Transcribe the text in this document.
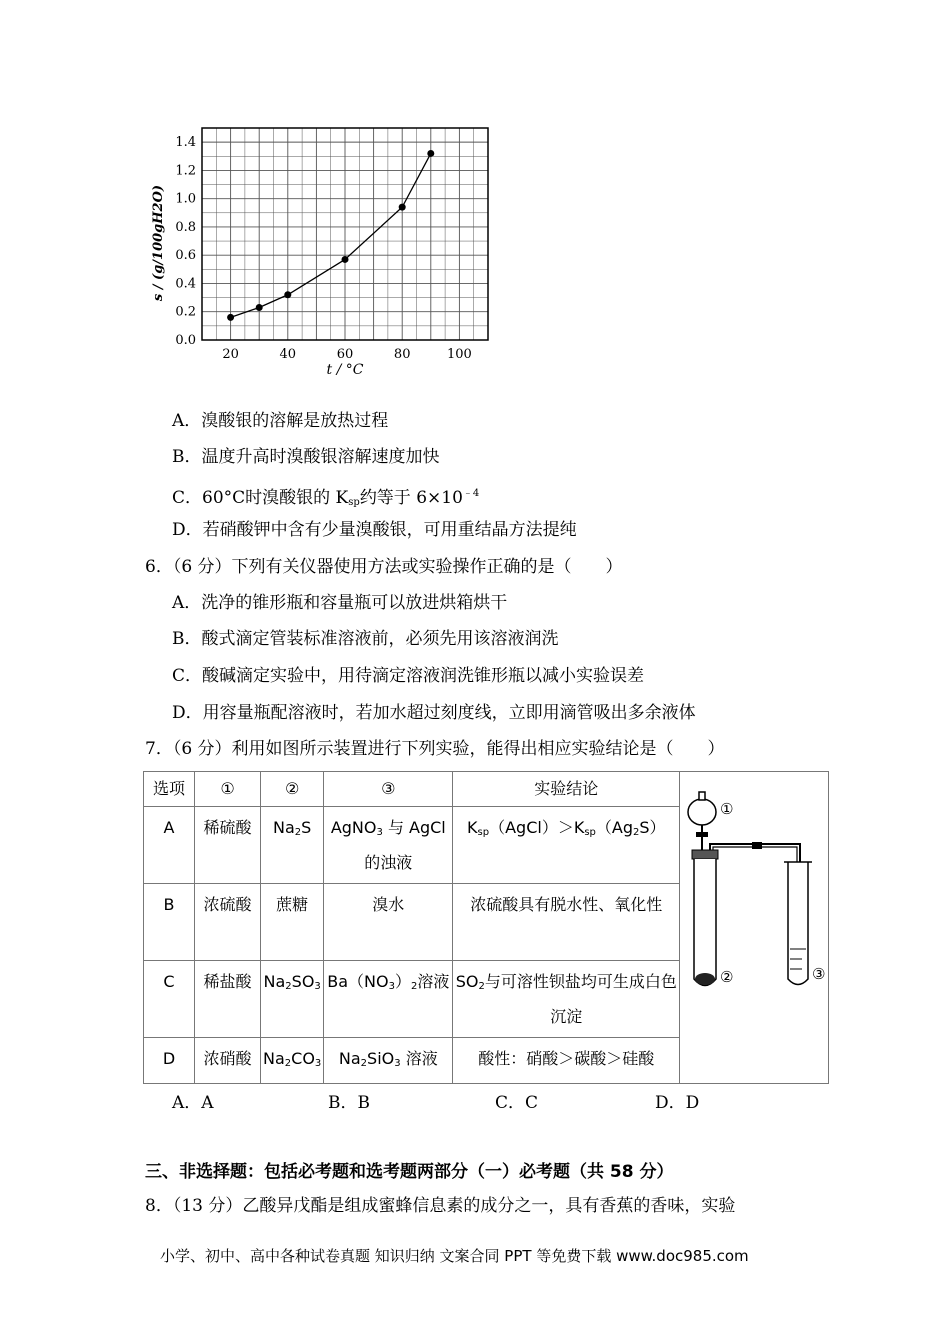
20	40	60	80	100
0.0
0.2
0.4
0.6
0.8
1.0
1.2
1.4
t / °C
s / (g/100gH2O)
A．溴酸银的溶解是放热过程
B．温度升高时溴酸银溶解速度加快
C．60°C时溴酸银的 $K_{sp}$约等于 $6\times 10^{﹣4}$
D．若硝酸钾中含有少量溴酸银，可用重结晶方法提纯
6．（6 分）下列有关仪器使用方法或实验操作正确的是（　　）
A．洗净的锥形瓶和容量瓶可以放进烘箱烘干
B．酸式滴定管装标准溶液前，必须先用该溶液润洗
C．酸碱滴定实验中，用待滴定溶液润洗锥形瓶以减小实验误差
D．用容量瓶配溶液时，若加水超过刻度线，立即用滴管吸出多余液体
7．（6 分）利用如图所示装置进行下列实验，能得出相应实验结论是（　　）
选项	①	②	③	实验结论	①
② ③

A	稀硫酸	$Na_2S$	AgNO$_3$ 与 AgCl 的浊液	$K_{sp}(AgCl)>K_{sp}(Ag_2S)$	
B	浓硫酸	蔗糖	溴水	浓硫酸具有脱水性、氧化性	
C	稀盐酸	$Na_2SO_3$	$Ba(NO_3)_2$溶液	$SO_2$与可溶性钡盐均可生成白色沉淀	
D	浓硝酸	$Na_2CO_3$	$Na_2SiO_3$ 溶液	酸性：硝酸＞碳酸＞硅酸	
A．A	B．B	C．C	D．D
三、非选择题：包括必考题和选考题两部分（一）必考题（共 58 分）
8．（13 分）乙酸异戊酯是组成蜜蜂信息素的成分之一，具有香蕉的香味，实验
小学、初中、高中各种试卷真题 知识归纳 文案合同 PPT 等免费下载 www.doc985.com
